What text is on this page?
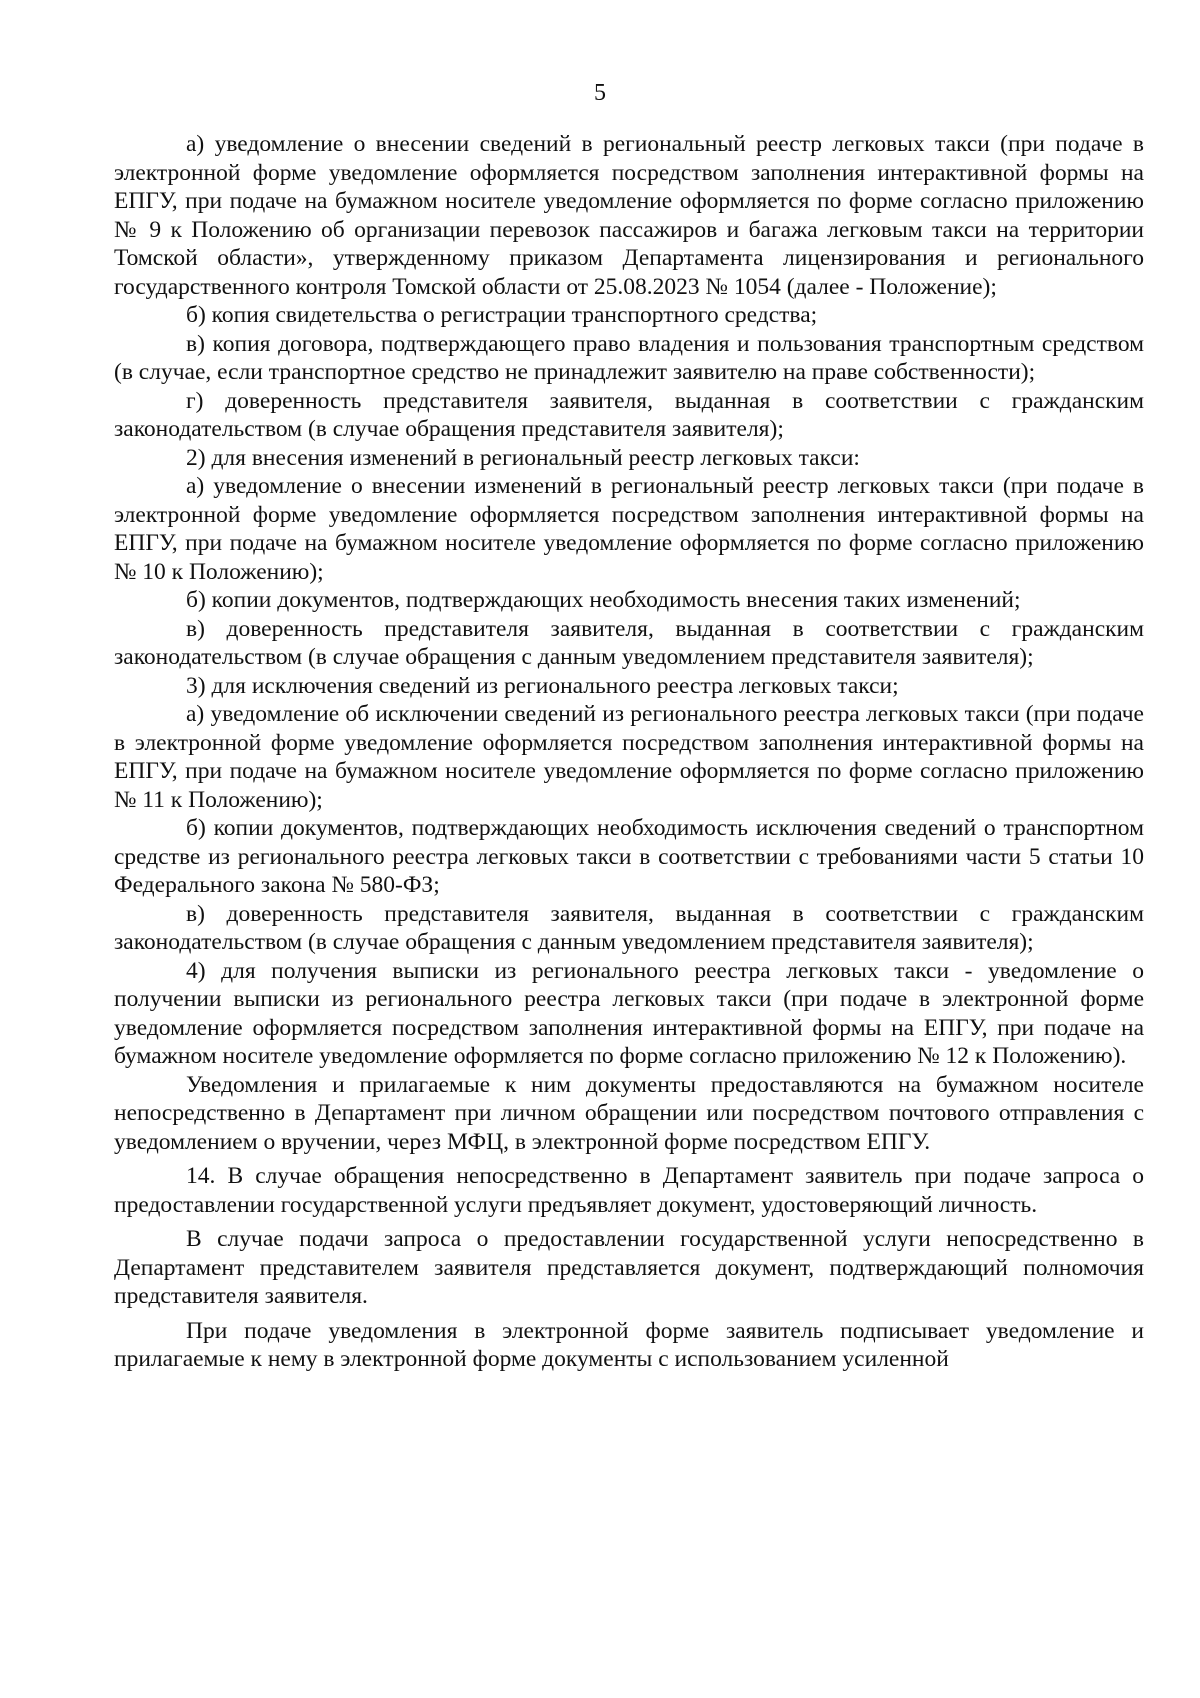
5

а) уведомление о внесении сведений в региональный реестр легковых такси (при подаче в электронной форме уведомление оформляется посредством заполнения интерактивной формы на ЕПГУ, при подаче на бумажном носителе уведомление оформляется по форме согласно приложению № 9 к Положению об организации перевозок пассажиров и багажа легковым такси на территории Томской области», утвержденному приказом Департамента лицензирования и регионального государственного контроля Томской области от 25.08.2023 № 1054 (далее - Положение);

б) копия свидетельства о регистрации транспортного средства;

в) копия договора, подтверждающего право владения и пользования транспортным средством (в случае, если транспортное средство не принадлежит заявителю на праве собственности);

г) доверенность представителя заявителя, выданная в соответствии с гражданским законодательством (в случае обращения представителя заявителя);

2) для внесения изменений в региональный реестр легковых такси:

а) уведомление о внесении изменений в региональный реестр легковых такси (при подаче в электронной форме уведомление оформляется посредством заполнения интерактивной формы на ЕПГУ, при подаче на бумажном носителе уведомление оформляется по форме согласно приложению № 10 к Положению);

б) копии документов, подтверждающих необходимость внесения таких изменений;

в) доверенность представителя заявителя, выданная в соответствии с гражданским законодательством (в случае обращения с данным уведомлением представителя заявителя);

3) для исключения сведений из регионального реестра легковых такси;

а) уведомление об исключении сведений из регионального реестра легковых такси (при подаче в электронной форме уведомление оформляется посредством заполнения интерактивной формы на ЕПГУ, при подаче на бумажном носителе уведомление оформляется по форме согласно приложению № 11 к Положению);

б) копии документов, подтверждающих необходимость исключения сведений о транспортном средстве из регионального реестра легковых такси в соответствии с требованиями части 5 статьи 10 Федерального закона № 580-ФЗ;

в) доверенность представителя заявителя, выданная в соответствии с гражданским законодательством (в случае обращения с данным уведомлением представителя заявителя);

4) для получения выписки из регионального реестра легковых такси - уведомление о получении выписки из регионального реестра легковых такси (при подаче в электронной форме уведомление оформляется посредством заполнения интерактивной формы на ЕПГУ, при подаче на бумажном носителе уведомление оформляется по форме согласно приложению № 12 к Положению).

Уведомления и прилагаемые к ним документы предоставляются на бумажном носителе непосредственно в Департамент при личном обращении или посредством почтового отправления с уведомлением о вручении, через МФЦ, в электронной форме посредством ЕПГУ.

14. В случае обращения непосредственно в Департамент заявитель при подаче запроса о предоставлении государственной услуги предъявляет документ, удостоверяющий личность.

В случае подачи запроса о предоставлении государственной услуги непосредственно в Департамент представителем заявителя представляется документ, подтверждающий полномочия представителя заявителя.

При подаче уведомления в электронной форме заявитель подписывает уведомление и прилагаемые к нему в электронной форме документы с использованием усиленной
